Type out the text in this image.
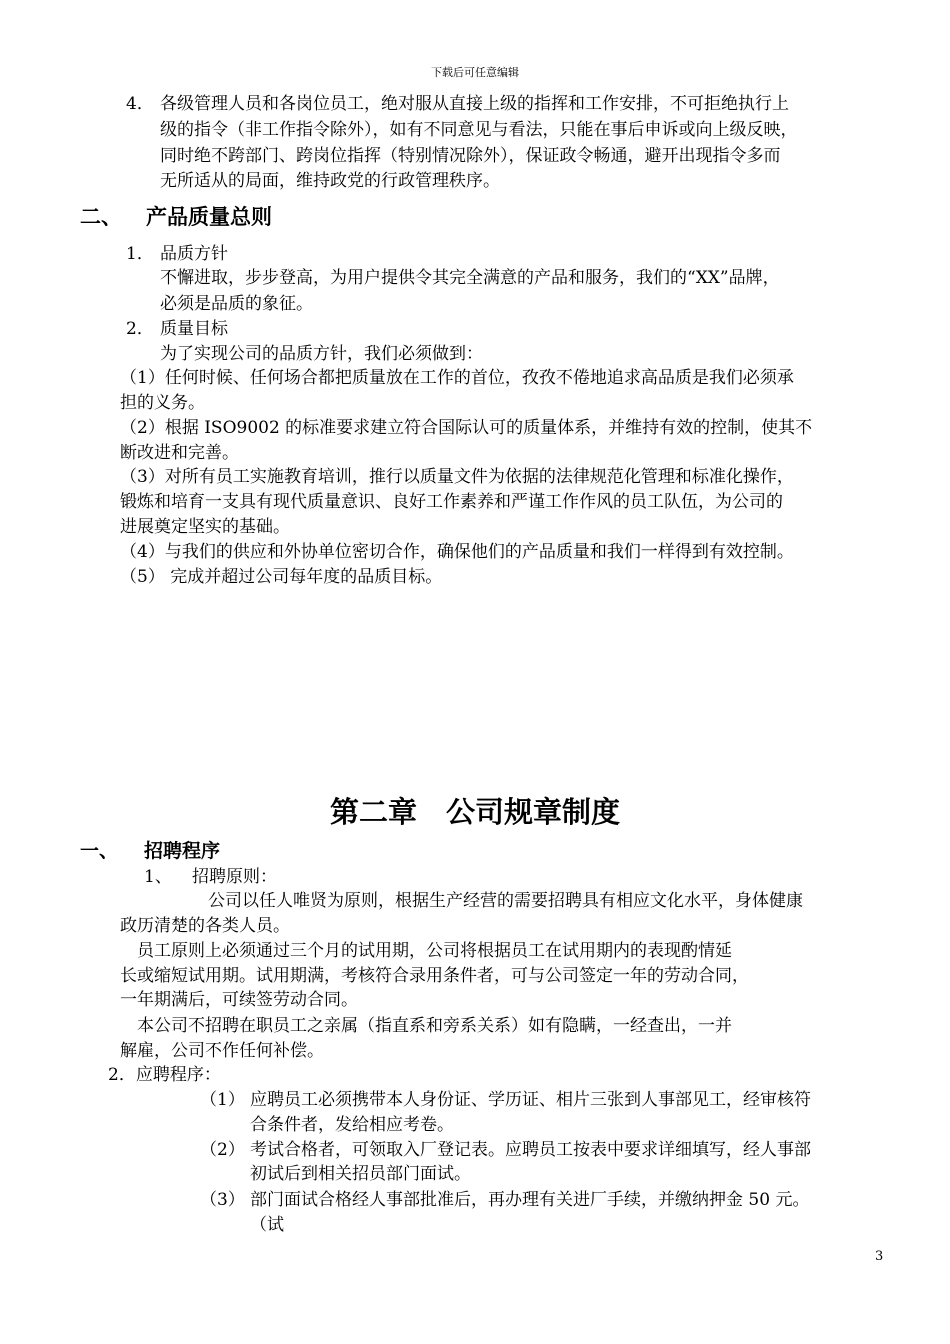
下载后可任意编辑
4． 各级管理人员和各岗位员工，绝对服从直接上级的指挥和工作安排，不可拒绝执行上
级的指令（非工作指令除外），如有不同意见与看法，只能在事后申诉或向上级反映，
同时绝不跨部门、跨岗位指挥（特别情况除外），保证政令畅通，避开出现指令多而
无所适从的局面，维持政党的行政管理秩序。
二、 产品质量总则
1． 品质方针
不懈进取，步步登高，为用户提供令其完全满意的产品和服务，我们的“XX”品牌，
必须是品质的象征。
2． 质量目标
为了实现公司的品质方针，我们必须做到：
（1）任何时候、任何场合都把质量放在工作的首位，孜孜不倦地追求高品质是我们必须承
担的义务。
（2）根据 ISO9002 的标准要求建立符合国际认可的质量体系，并维持有效的控制，使其不
断改进和完善。
（3）对所有员工实施教育培训，推行以质量文件为依据的法律规范化管理和标准化操作，
锻炼和培育一支具有现代质量意识、良好工作素养和严谨工作作风的员工队伍，为公司的
进展奠定坚实的基础。
（4）与我们的供应和外协单位密切合作，确保他们的产品质量和我们一样得到有效控制。
（5） 完成并超过公司每年度的品质目标。
第二章　公司规章制度
一、 招聘程序
1、 招聘原则：
公司以任人唯贤为原则，根据生产经营的需要招聘具有相应文化水平，身体健康
政历清楚的各类人员。
员工原则上必须通过三个月的试用期，公司将根据员工在试用期内的表现酌情延
长或缩短试用期。试用期满，考核符合录用条件者，可与公司签定一年的劳动合同，
一年期满后，可续签劳动合同。
本公司不招聘在职员工之亲属（指直系和旁系关系）如有隐瞒，一经查出，一并
解雇，公司不作任何补偿。
2．应聘程序：
（1） 应聘员工必须携带本人身份证、学历证、相片三张到人事部见工，经审核符
合条件者，发给相应考卷。
（2） 考试合格者，可领取入厂登记表。应聘员工按表中要求详细填写，经人事部
初试后到相关招员部门面试。
（3） 部门面试合格经人事部批准后，再办理有关进厂手续，并缴纳押金 50 元。
（试
3
